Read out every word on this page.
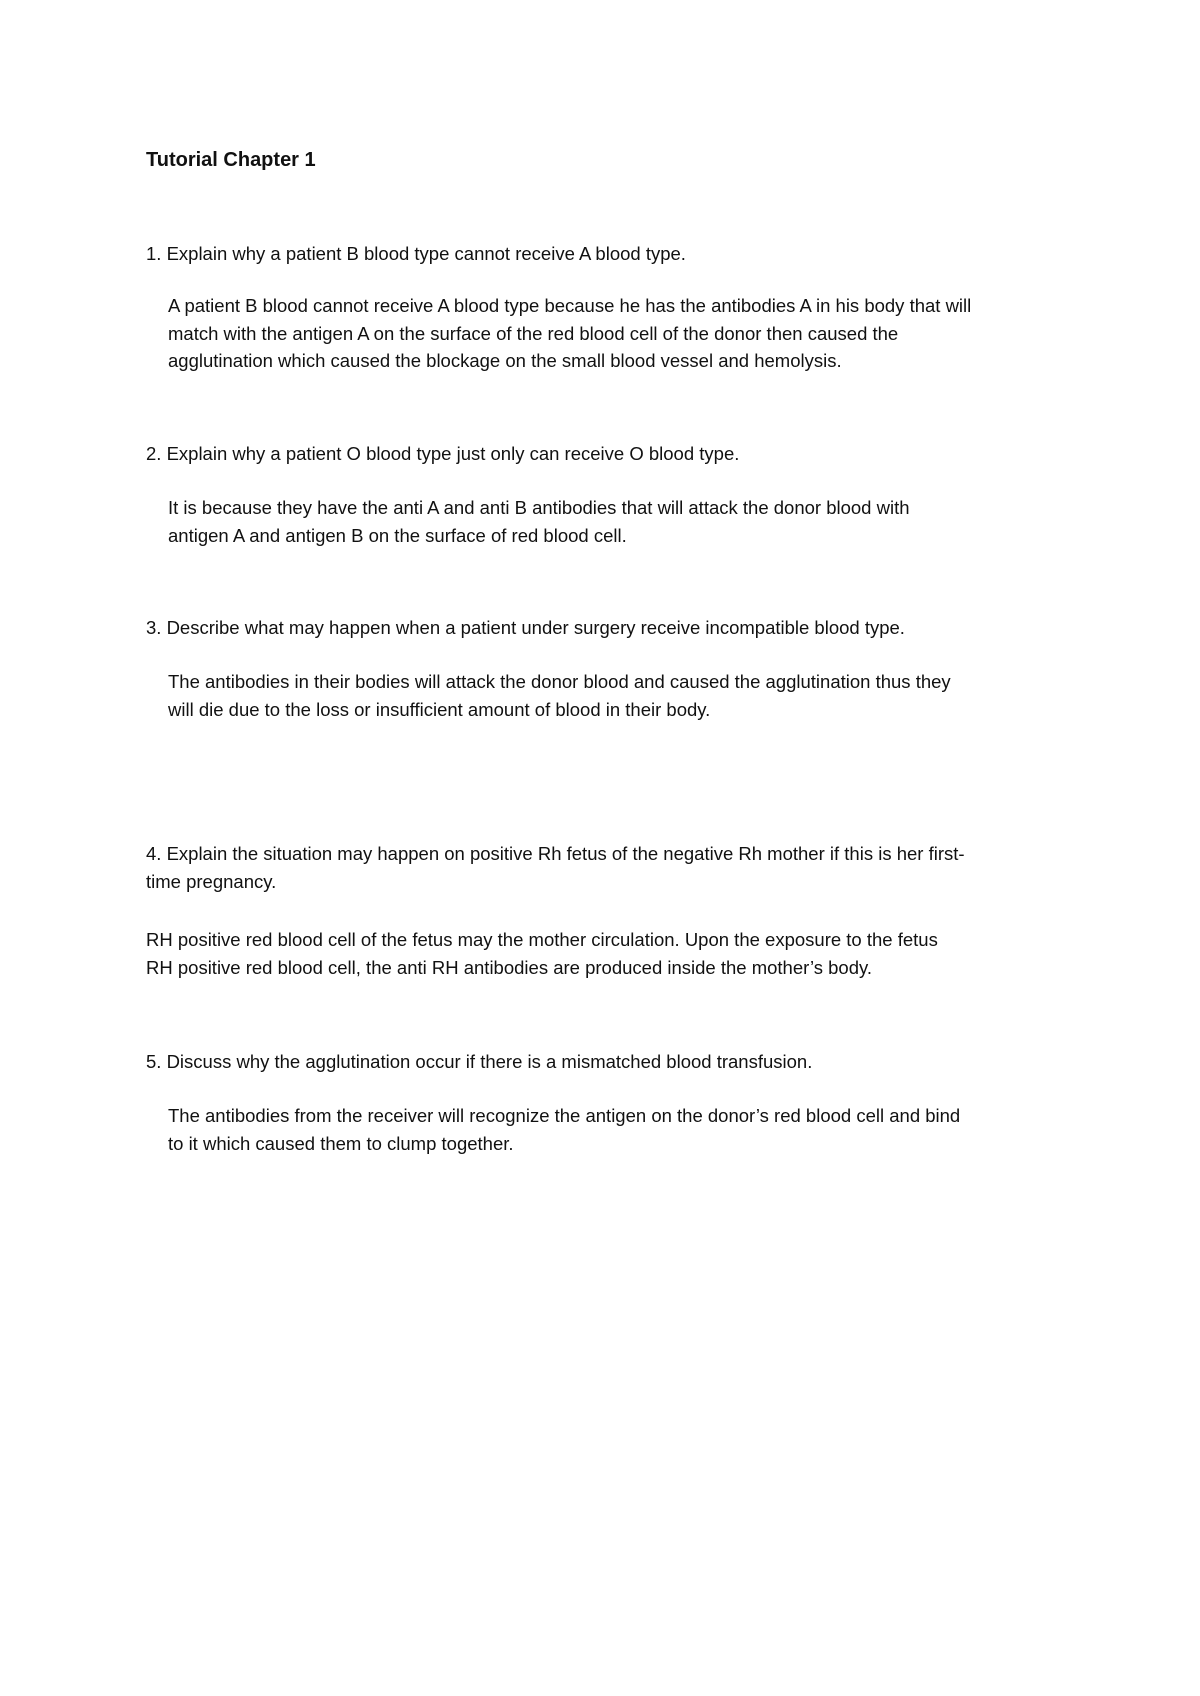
Tutorial Chapter 1

1. Explain why a patient B blood type cannot receive A blood type.

A patient B blood cannot receive A blood type because he has the antibodies A in his body that will
match with the antigen A on the surface of the red blood cell of the donor then caused the
agglutination which caused the blockage on the small blood vessel and hemolysis.

2. Explain why a patient O blood type just only can receive O blood type.

It is because they have the anti A and anti B antibodies that will attack the donor blood with
antigen A and antigen B on the surface of red blood cell.

3. Describe what may happen when a patient under surgery receive incompatible blood type.

The antibodies in their bodies will attack the donor blood and caused the agglutination thus they
will die due to the loss or insufficient amount of blood in their body.

4. Explain the situation may happen on positive Rh fetus of the negative Rh mother if this is her first-
time pregnancy.

RH positive red blood cell of the fetus may the mother circulation. Upon the exposure to the fetus
RH positive red blood cell, the anti RH antibodies are produced inside the mother’s body.

5. Discuss why the agglutination occur if there is a mismatched blood transfusion.

The antibodies from the receiver will recognize the antigen on the donor’s red blood cell and bind
to it which caused them to clump together.
